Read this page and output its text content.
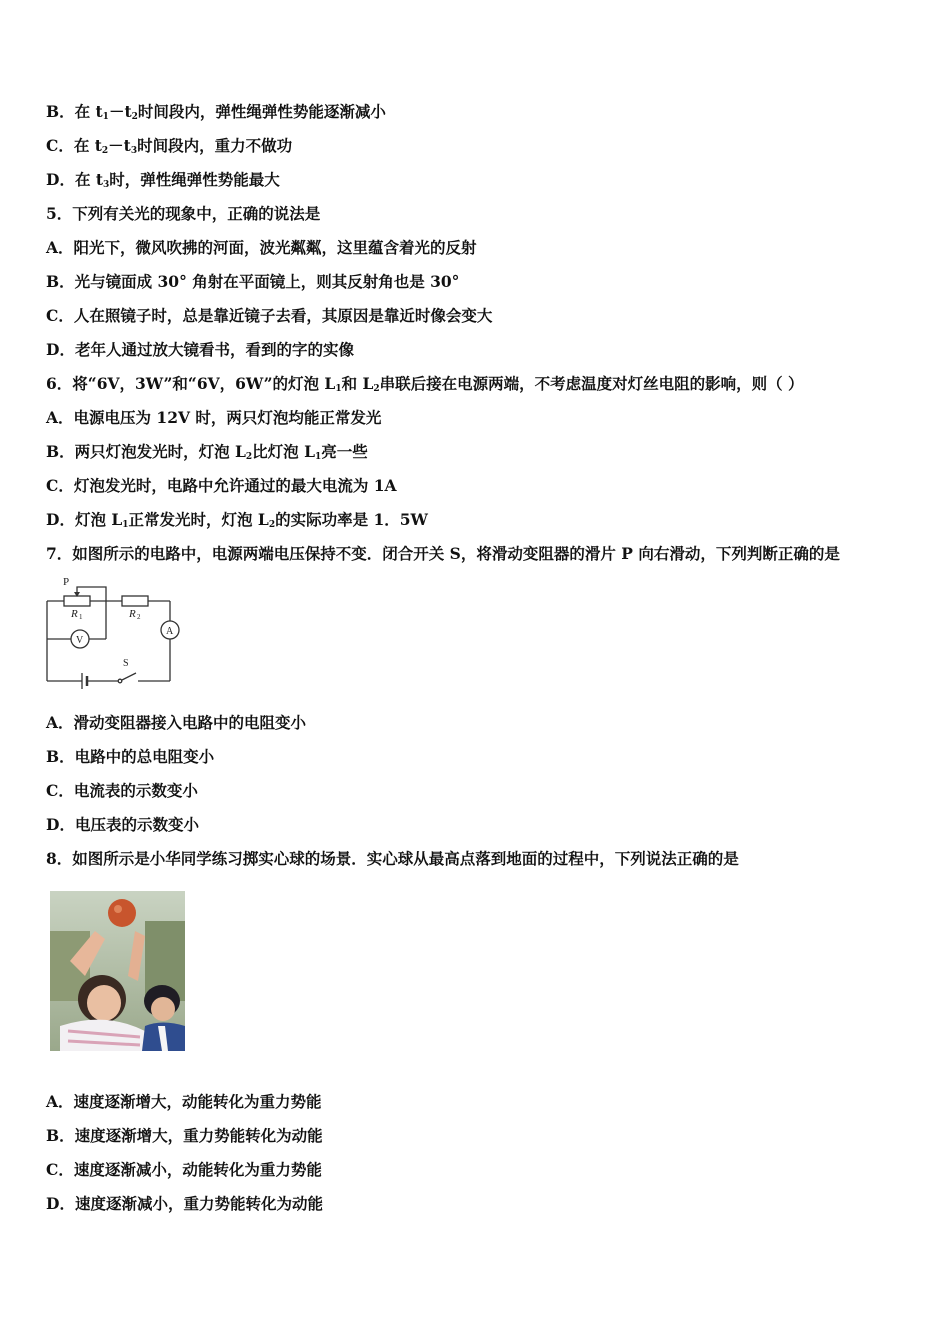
B．在 $t_1-t_2$时间段内，弹性绳弹性势能逐渐减小
C．在 $t_2-t_3$时间段内，重力不做功
D．在 $t_3$时，弹性绳弹性势能最大
5．下列有关光的现象中，正确的说法是
A．阳光下，微风吹拂的河面，波光粼粼，这里蕴含着光的反射
B．光与镜面成 30° 角射在平面镜上，则其反射角也是 30°
C．人在照镜子时，总是靠近镜子去看，其原因是靠近时像会变大
D．老年人通过放大镜看书，看到的字的实像
6．将“6V，3W”和“6V，6W”的灯泡 $L_1$和 $L_2$串联后接在电源两端，不考虑温度对灯丝电阻的影响，则（ ）
A．电源电压为 12V 时，两只灯泡均能正常发光
B．两只灯泡发光时，灯泡 $L_2$比灯泡 $L_1$亮一些
C．灯泡发光时，电路中允许通过的最大电流为 1A
D．灯泡 $L_1$正常发光时，灯泡 $L_2$的实际功率是 1．5W
7．如图所示的电路中，电源两端电压保持不变．闭合开关 S，将滑动变阻器的滑片 P 向右滑动，下列判断正确的是
P
R 1	R 2
V
A
S
A．滑动变阻器接入电路中的电阻变小
B．电路中的总电阻变小
C．电流表的示数变小
D．电压表的示数变小
8．如图所示是小华同学练习掷实心球的场景．实心球从最高点落到地面的过程中，下列说法正确的是
A．速度逐渐增大，动能转化为重力势能
B．速度逐渐增大，重力势能转化为动能
C．速度逐渐减小，动能转化为重力势能
D．速度逐渐减小，重力势能转化为动能
